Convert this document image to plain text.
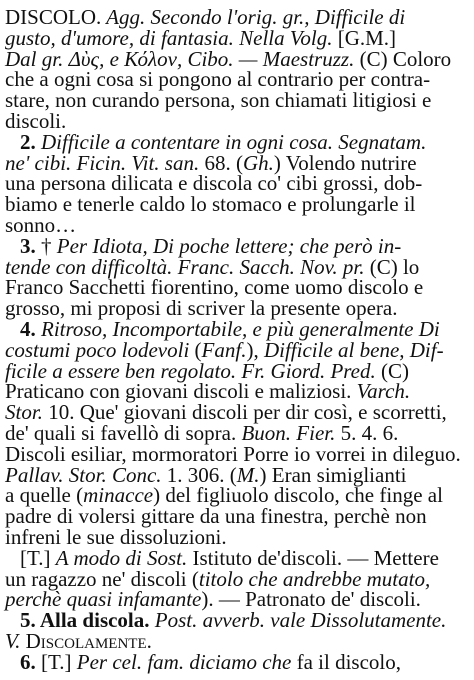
DISCOLO. Agg. Secondo l'orig. gr., Difficile di
gusto, d'umore, di fantasia. Nella Volg. [G.M.]
Dal gr. Δὺς, e Κόλον, Cibo. — Maestruzz. (C) Coloro
che a ogni cosa si pongono al contrario per contra-
stare, non curando persona, son chiamati litigiosi e
discoli.
2. Difficile a contentare in ogni cosa. Segnatam.
ne' cibi. Ficin. Vit. san. 68. (Gh.) Volendo nutrire
una persona dilicata e discola co' cibi grossi, dob-
biamo e tenerle caldo lo stomaco e prolungarle il
sonno…
3. † Per Idiota, Di poche lettere; che però in-
tende con difficoltà. Franc. Sacch. Nov. pr. (C) lo
Franco Sacchetti fiorentino, come uomo discolo e
grosso, mi proposi di scriver la presente opera.
4. Ritroso, Incomportabile, e più generalmente Di
costumi poco lodevoli (Fanf.), Difficile al bene, Dif-
ficile a essere ben regolato. Fr. Giord. Pred. (C)
Praticano con giovani discoli e maliziosi. Varch.
Stor. 10. Que' giovani discoli per dir così, e scorretti,
de' quali si favellò di sopra. Buon. Fier. 5. 4. 6.
Discoli esiliar, mormoratori Porre io vorrei in dileguo.
Pallav. Stor. Conc. 1. 306. (M.) Eran simiglianti
a quelle (minacce) del figliuolo discolo, che finge al
padre di volersi gittare da una finestra, perchè non
infreni le sue dissoluzioni.
[T.] A modo di Sost. Istituto de'discoli. — Mettere
un ragazzo ne' discoli (titolo che andrebbe mutato,
perchè quasi infamante). — Patronato de' discoli.
5. Alla discola. Post. avverb. vale Dissolutamente.
V. Discolamente.
6. [T.] Per cel. fam. diciamo che fa il discolo,
